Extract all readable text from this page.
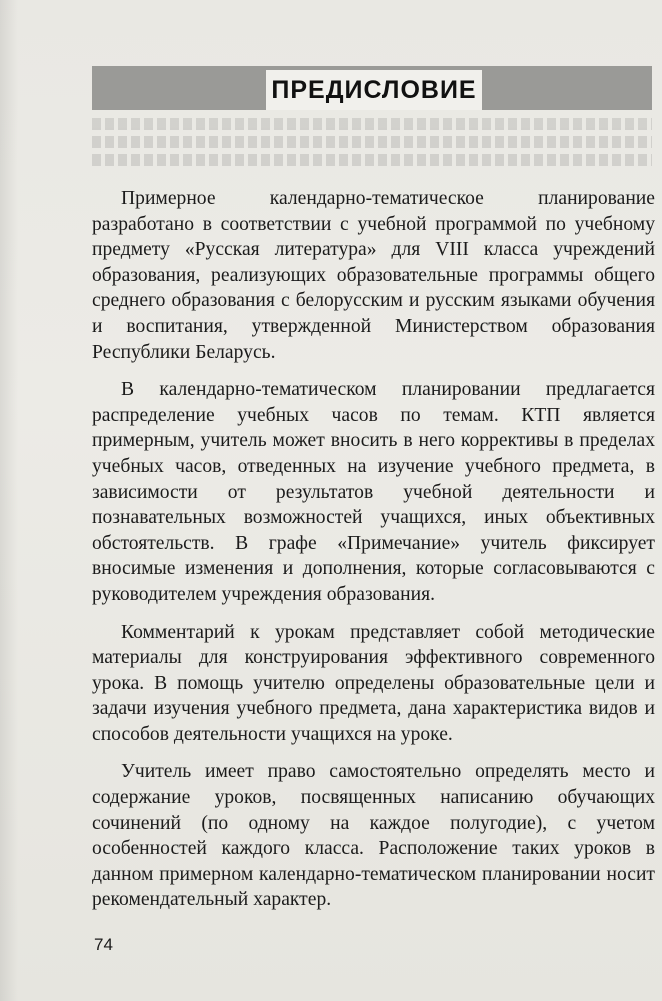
ПРЕДИСЛОВИЕ

Примерное календарно-тематическое планирование разработано в соответствии с учебной программой по учебному предмету «Русская литература» для VIII класса учреждений образования, реализующих образовательные программы общего среднего образования с белорусским и русским языками обучения и воспитания, утвержденной Министерством образования Республики Беларусь.

В календарно-тематическом планировании предлагается распределение учебных часов по темам. КТП является примерным, учитель может вносить в него коррективы в пределах учебных часов, отведенных на изучение учебного предмета, в зависимости от результатов учебной деятельности и познавательных возможностей учащихся, иных объективных обстоятельств. В графе «Примечание» учитель фиксирует вносимые изменения и дополнения, которые согласовываются с руководителем учреждения образования.

Комментарий к урокам представляет собой методические материалы для конструирования эффективного современного урока. В помощь учителю определены образовательные цели и задачи изучения учебного предмета, дана характеристика видов и способов деятельности учащихся на уроке.

Учитель имеет право самостоятельно определять место и содержание уроков, посвященных написанию обучающих сочинений (по одному на каждое полугодие), с учетом особенностей каждого класса. Расположение таких уроков в данном примерном календарно-тематическом планировании носит рекомендательный характер.

74
